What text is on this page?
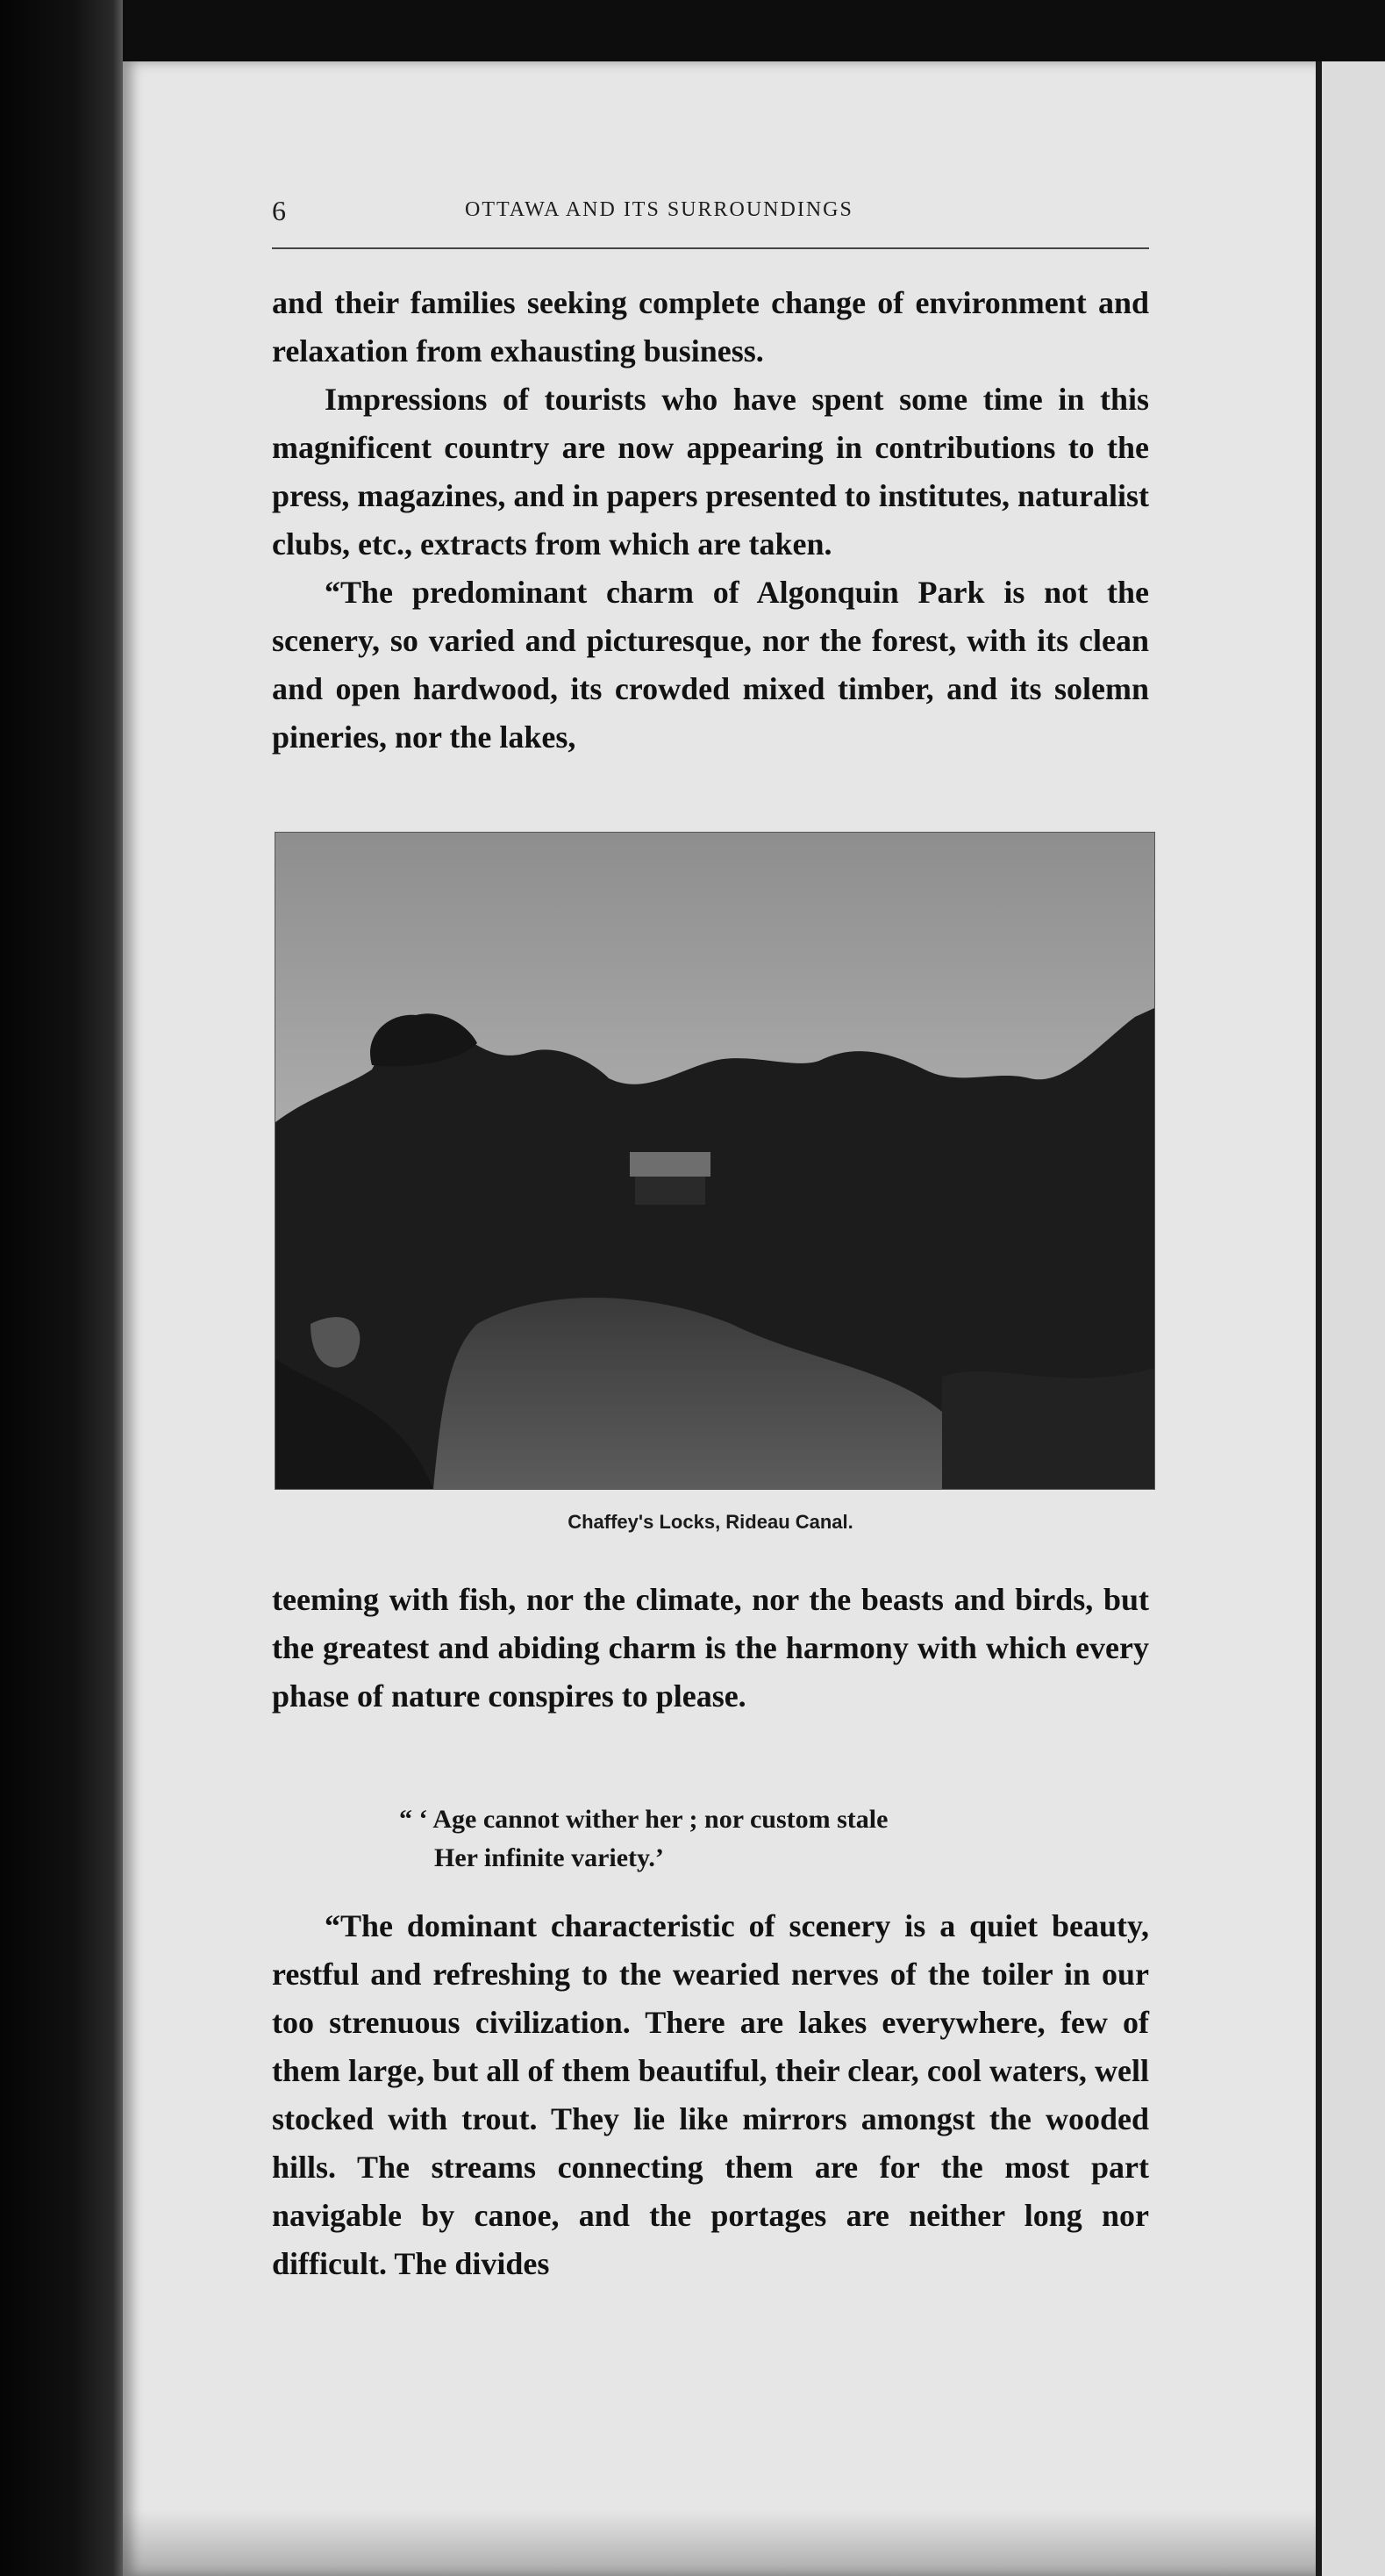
6	OTTAWA AND ITS SURROUNDINGS

and their families seeking complete change of environment and relaxation from exhausting business.

Impressions of tourists who have spent some time in this magnificent country are now appearing in contributions to the press, magazines, and in papers presented to institutes, naturalist clubs, etc., extracts from which are taken.

“The predominant charm of Algonquin Park is not the scenery, so varied and picturesque, nor the forest, with its clean and open hardwood, its crowded mixed timber, and its solemn pineries, nor the lakes,

Chaffey's Locks, Rideau Canal.

teeming with fish, nor the climate, nor the beasts and birds, but the greatest and abiding charm is the harmony with which every phase of nature conspires to please.

“ ‘ Age cannot wither her ; nor custom stale
Her infinite variety.’

“The dominant characteristic of scenery is a quiet beauty, restful and refreshing to the wearied nerves of the toiler in our too strenuous civilization. There are lakes everywhere, few of them large, but all of them beautiful, their clear, cool waters, well stocked with trout. They lie like mirrors amongst the wooded hills. The streams connecting them are for the most part navigable by canoe, and the portages are neither long nor difficult. The divides
